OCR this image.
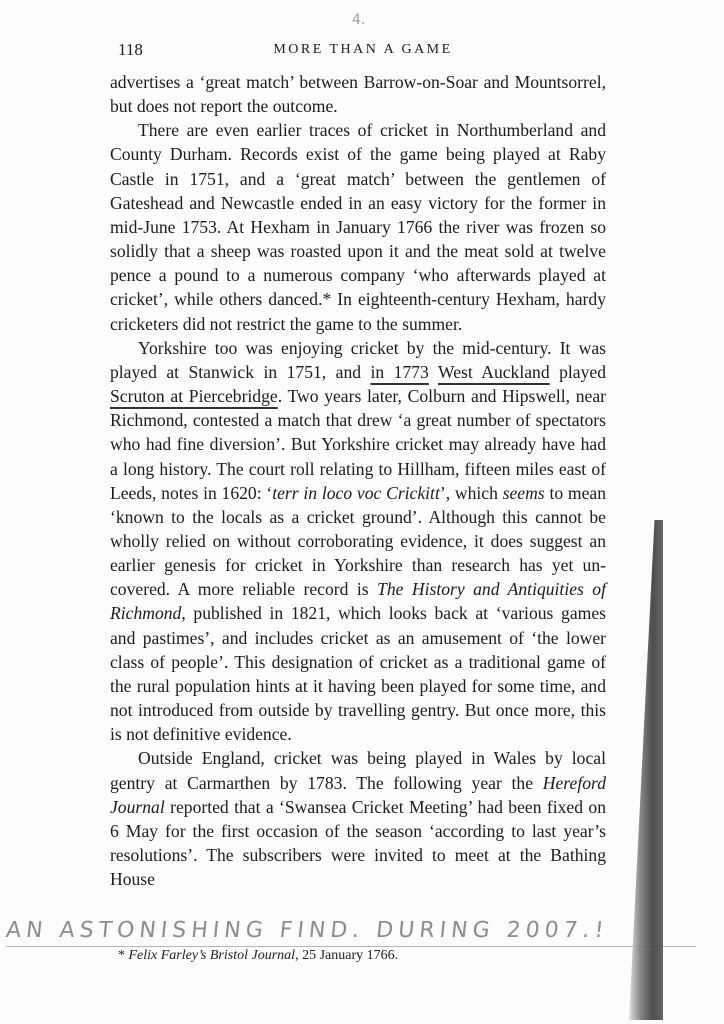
4.
118	MORE THAN A GAME

advertises a ‘great match’ between Barrow-on-Soar and Mountsorrel, but does not report the outcome.

There are even earlier traces of cricket in Northumberland and County Durham. Records exist of the game being played at Raby Castle in 1751, and a ‘great match’ between the gentlemen of Gateshead and Newcastle ended in an easy victory for the former in mid-June 1753. At Hexham in January 1766 the river was frozen so solidly that a sheep was roasted upon it and the meat sold at twelve pence a pound to a numerous company ‘who afterwards played at cricket’, while others danced.* In eighteenth-century Hexham, hardy cricketers did not restrict the game to the summer.

Yorkshire too was enjoying cricket by the mid-century. It was played at Stanwick in 1751, and in 1773 West Auckland played Scruton at Piercebridge. Two years later, Colburn and Hipswell, near Richmond, contested a match that drew ‘a great number of spectators who had fine diversion’. But Yorkshire cricket may already have had a long history. The court roll relating to Hillham, fifteen miles east of Leeds, notes in 1620: ‘terr in loco voc Crickitt’, which seems to mean ‘known to the locals as a cricket ground’. Although this cannot be wholly relied on without corroborating evidence, it does suggest an earlier genesis for cricket in Yorkshire than research has yet uncovered. A more reliable record is The History and Antiquities of Richmond, published in 1821, which looks back at ‘various games and pastimes’, and includes cricket as an amusement of ‘the lower class of people’. This designation of cricket as a traditional game of the rural population hints at it having been played for some time, and not introduced from outside by travelling gentry. But once more, this is not definitive evidence.

Outside England, cricket was being played in Wales by local gentry at Carmarthen by 1783. The following year the Hereford Journal reported that a ‘Swansea Cricket Meeting’ had been fixed on 6 May for the first occasion of the season ‘according to last year’s resolutions’. The subscribers were invited to meet at the Bathing House

AN ASTONISHING FIND. DURING 2007.!
* Felix Farley’s Bristol Journal, 25 January 1766.
